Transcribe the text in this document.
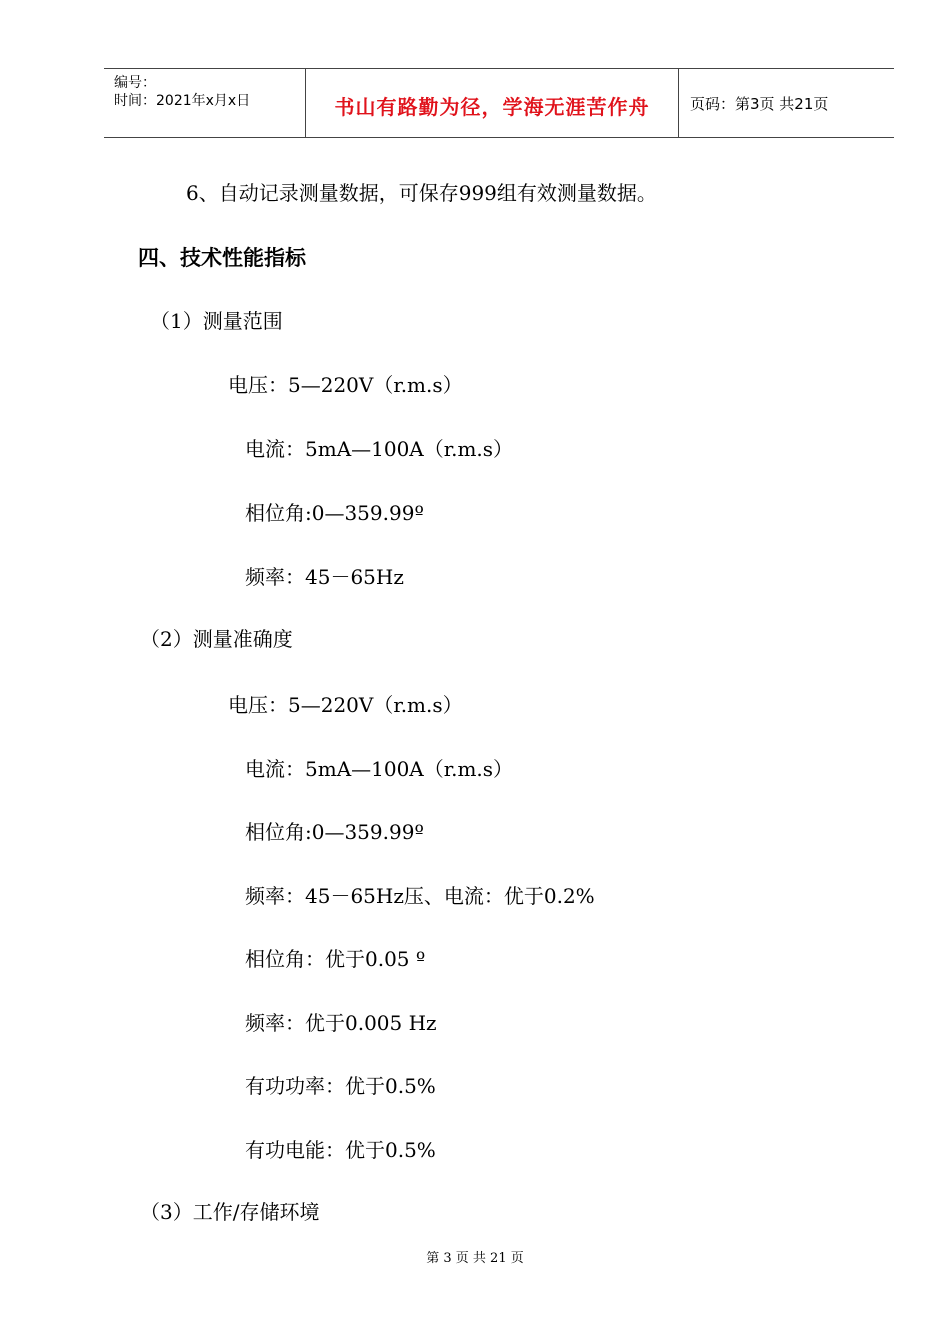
编号：
时间：2021年x月x日	书山有路勤为径，学海无涯苦作舟	页码：第3页 共21页
6、自动记录测量数据，可保存999组有效测量数据。
四、技术性能指标
（1）测量范围
电压：5—220V（r.m.s）
电流：5mA—100A（r.m.s）
相位角:0—359.99º
频率：45－65Hz
（2）测量准确度
电压：5—220V（r.m.s）
电流：5mA—100A（r.m.s）
相位角:0—359.99º
频率：45－65Hz压、电流：优于0.2%
相位角：优于0.05 º
频率：优于0.005 Hz
有功功率：优于0.5%
有功电能：优于0.5%
（3）工作/存储环境
第 3 页 共 21 页
